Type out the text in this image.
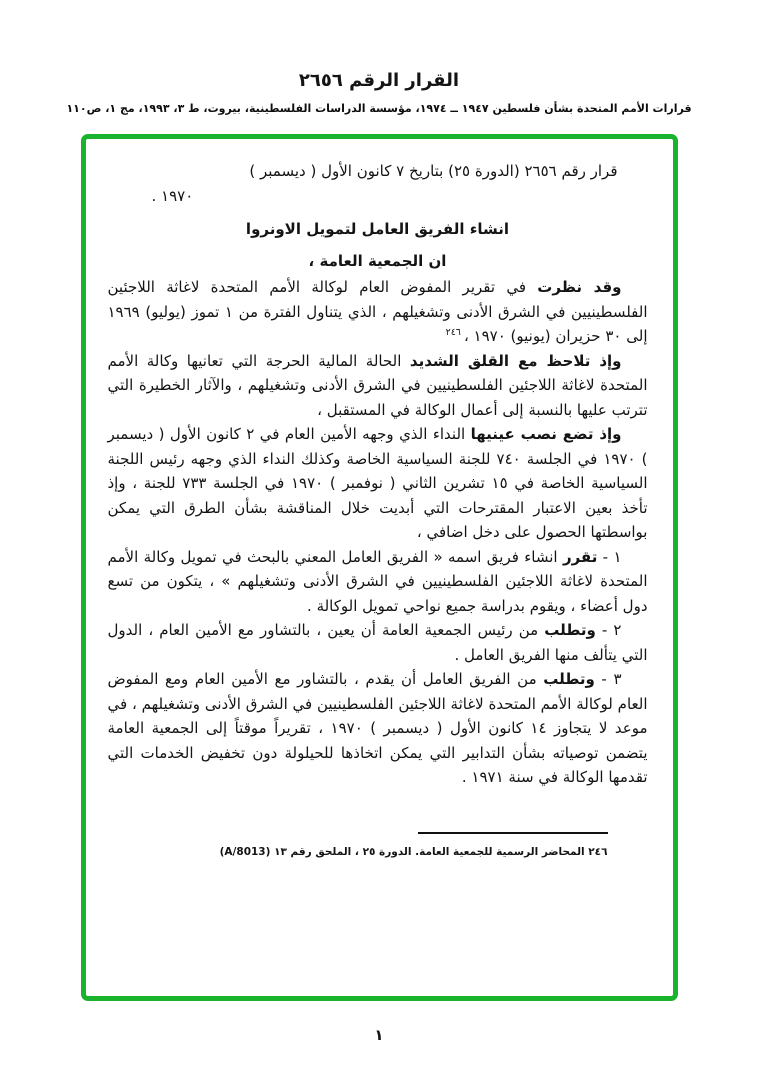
القرار الرقم ٢٦٥٦
قرارات الأمم المتحدة بشأن فلسطين ١٩٤٧ ــ ١٩٧٤، مؤسسة الدراسات الفلسطينية، بيروت، ط ٣، ١٩٩٣، مج ١، ص١١٠
قرار رقم ٢٦٥٦ (الدورة ٢٥) بتاريخ ٧ كانون الأول ( ديسمبر )
١٩٧٠ .
انشاء الفريق العامل لتمويل الاونروا
ان الجمعية العامة ،

وقد نظرت في تقرير المفوض العام لوكالة الأمم المتحدة لاغاثة اللاجئين الفلسطينيين في الشرق الأدنى وتشغيلهم ، الذي يتناول الفترة من ١ تموز (يوليو) ١٩٦٩ إلى ٣٠ حزيران (يونيو) ١٩٧٠ ، $^{٢٤٦}$

وإذ تلاحظ مع القلق الشديد الحالة المالية الحرجة التي تعانيها وكالة الأمم المتحدة لاغاثة اللاجئين الفلسطينيين في الشرق الأدنى وتشغيلهم ، والآثار الخطيرة التي تترتب عليها بالنسبة إلى أعمال الوكالة في المستقبل ،

وإذ تضع نصب عينيها النداء الذي وجهه الأمين العام في ٢ كانون الأول ( ديسمبر ) ١٩٧٠ في الجلسة ٧٤٠ للجنة السياسية الخاصة وكذلك النداء الذي وجهه رئيس اللجنة السياسية الخاصة في ١٥ تشرين الثاني ( نوفمبر ) ١٩٧٠ في الجلسة ٧٣٣ للجنة ، وإذ تأخذ بعين الاعتبار المقترحات التي أبديت خلال المناقشة بشأن الطرق التي يمكن بواسطتها الحصول على دخل اضافي ،

١ - تقرر انشاء فريق اسمه « الفريق العامل المعني بالبحث في تمويل وكالة الأمم المتحدة لاغاثة اللاجئين الفلسطينيين في الشرق الأدنى وتشغيلهم » ، يتكون من تسع دول أعضاء ، ويقوم بدراسة جميع نواحي تمويل الوكالة .

٢ - وتطلب من رئيس الجمعية العامة أن يعين ، بالتشاور مع الأمين العام ، الدول التي يتألف منها الفريق العامل .

٣ - وتطلب من الفريق العامل أن يقدم ، بالتشاور مع الأمين العام ومع المفوض العام لوكالة الأمم المتحدة لاغاثة اللاجئين الفلسطينيين في الشرق الأدنى وتشغيلهم ، في موعد لا يتجاوز ١٤ كانون الأول ( ديسمبر ) ١٩٧٠ ، تقريراً موقتاً إلى الجمعية العامة يتضمن توصياته بشأن التدابير التي يمكن اتخاذها للحيلولة دون تخفيض الخدمات التي تقدمها الوكالة في سنة ١٩٧١ .

٢٤٦ المحاضر الرسمية للجمعية العامة. الدورة ٢٥ ، الملحق رقم ١٣ (A/8013)
١
